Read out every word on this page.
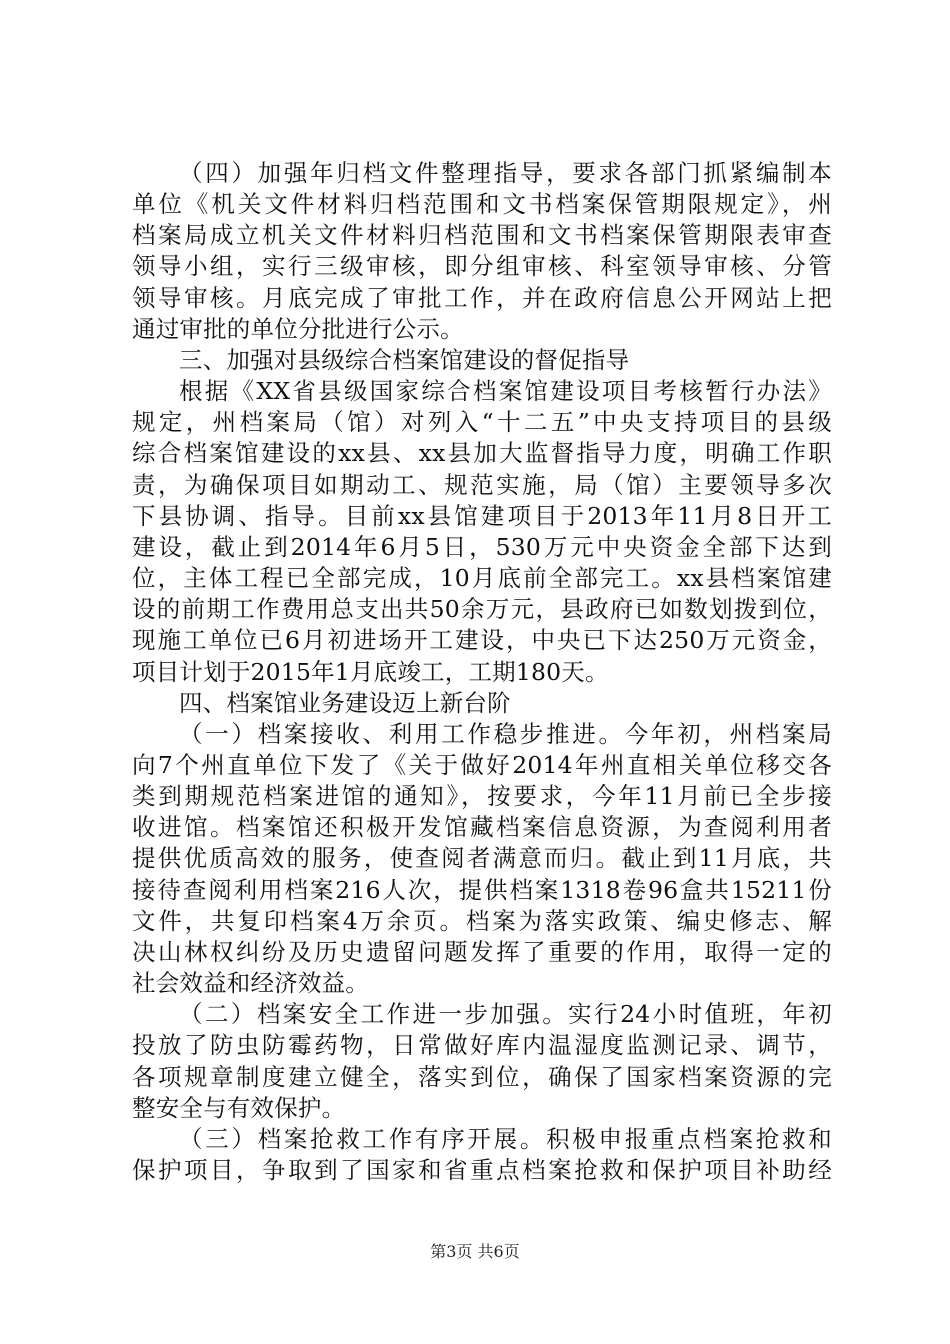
（四）加强年归档文件整理指导，要求各部门抓紧编制本
单位《机关文件材料归档范围和文书档案保管期限规定》，州
档案局成立机关文件材料归档范围和文书档案保管期限表审查
领导小组，实行三级审核，即分组审核、科室领导审核、分管
领导审核。月底完成了审批工作，并在政府信息公开网站上把
通过审批的单位分批进行公示。
三、加强对县级综合档案馆建设的督促指导
根据《XX省县级国家综合档案馆建设项目考核暂行办法》
规定，州档案局（馆）对列入“十二五”中央支持项目的县级
综合档案馆建设的xx县、xx县加大监督指导力度，明确工作职
责，为确保项目如期动工、规范实施，局（馆）主要领导多次
下县协调、指导。目前xx县馆建项目于2013年11月8日开工
建设，截止到2014年6月5日，530万元中央资金全部下达到
位，主体工程已全部完成，10月底前全部完工。xx县档案馆建
设的前期工作费用总支出共50余万元，县政府已如数划拨到位，
现施工单位已6月初进场开工建设，中央已下达250万元资金，
项目计划于2015年1月底竣工，工期180天。
四、档案馆业务建设迈上新台阶
（一）档案接收、利用工作稳步推进。今年初，州档案局
向7个州直单位下发了《关于做好2014年州直相关单位移交各
类到期规范档案进馆的通知》，按要求，今年11月前已全步接
收进馆。档案馆还积极开发馆藏档案信息资源，为查阅利用者
提供优质高效的服务，使查阅者满意而归。截止到11月底，共
接待查阅利用档案216人次，提供档案1318卷96盒共15211份
文件，共复印档案4万余页。档案为落实政策、编史修志、解
决山林权纠纷及历史遗留问题发挥了重要的作用，取得一定的
社会效益和经济效益。
（二）档案安全工作进一步加强。实行24小时值班，年初
投放了防虫防霉药物，日常做好库内温湿度监测记录、调节，
各项规章制度建立健全，落实到位，确保了国家档案资源的完
整安全与有效保护。
（三）档案抢救工作有序开展。积极申报重点档案抢救和
保护项目，争取到了国家和省重点档案抢救和保护项目补助经
第3页 共6页
